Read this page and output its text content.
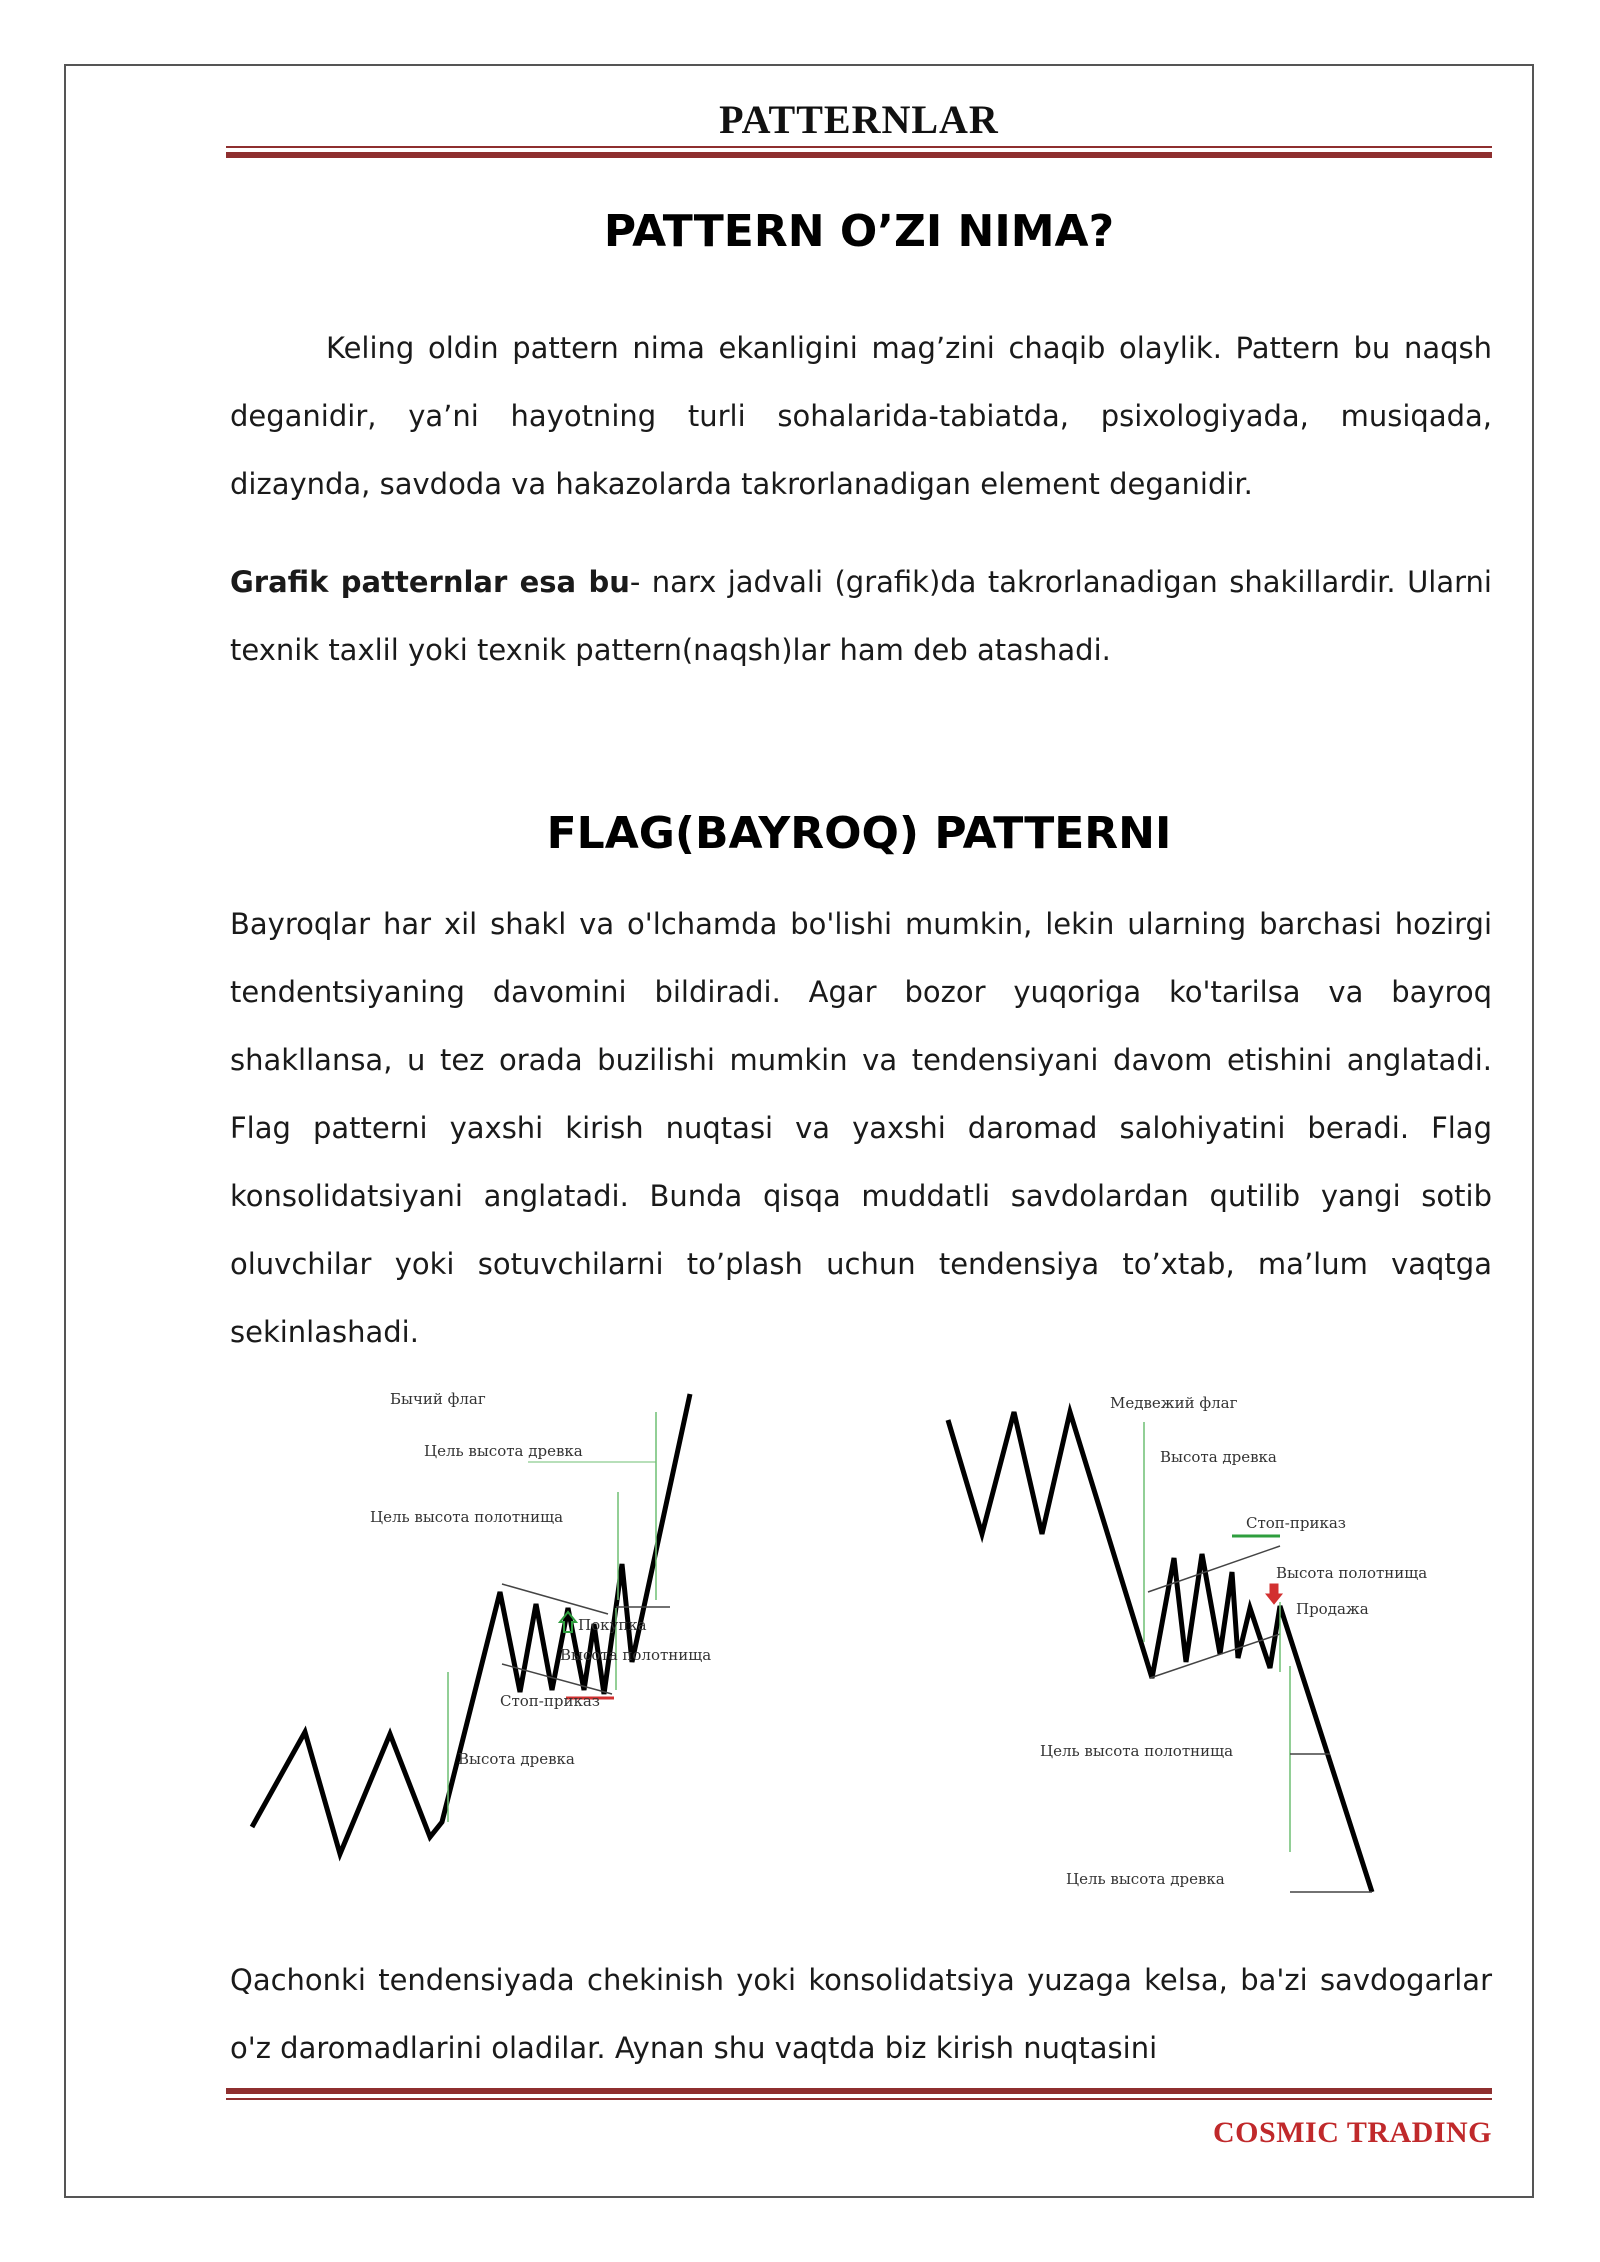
PATTERNLAR
PATTERN O’ZI NIMA?

Keling oldin pattern nima ekanligini mag’zini chaqib olaylik. Pattern bu naqsh deganidir, ya’ni hayotning turli sohalarida-tabiatda, psixologiyada, musiqada, dizaynda, savdoda va hakazolarda takrorlanadigan element deganidir.

Grafik patternlar esa bu- narx jadvali (grafik)da takrorlanadigan shakillardir. Ularni texnik taxlil yoki texnik pattern(naqsh)lar ham deb atashadi.

FLAG(BAYROQ) PATTERNI

Bayroqlar har xil shakl va o'lchamda bo'lishi mumkin, lekin ularning barchasi hozirgi tendentsiyaning davomini bildiradi. Agar bozor yuqoriga ko'tarilsa va bayroq shakllansa, u tez orada buzilishi mumkin va tendensiyani davom etishini anglatadi. Flag patterni yaxshi kirish nuqtasi va yaxshi daromad salohiyatini beradi. Flag konsolidatsiyani anglatadi. Bunda qisqa muddatli savdolardan qutilib yangi sotib oluvchilar yoki sotuvchilarni to’plash uchun tendensiya to’xtab, ma’lum vaqtga sekinlashadi.

Бычий флаг
Цель высота древка
Цель высота полотнища
Покупка
Высота полотнища
Стоп-приказ
Высота древка
Медвежий флаг
Высота древка
Стоп-приказ
Высота полотнища
Продажа
Цель высота полотнища
Цель высота древка

Qachonki tendensiyada chekinish yoki konsolidatsiya yuzaga kelsa, ba'zi savdogarlar o'z daromadlarini oladilar. Aynan shu vaqtda biz kirish nuqtasini

COSMIC TRADING
